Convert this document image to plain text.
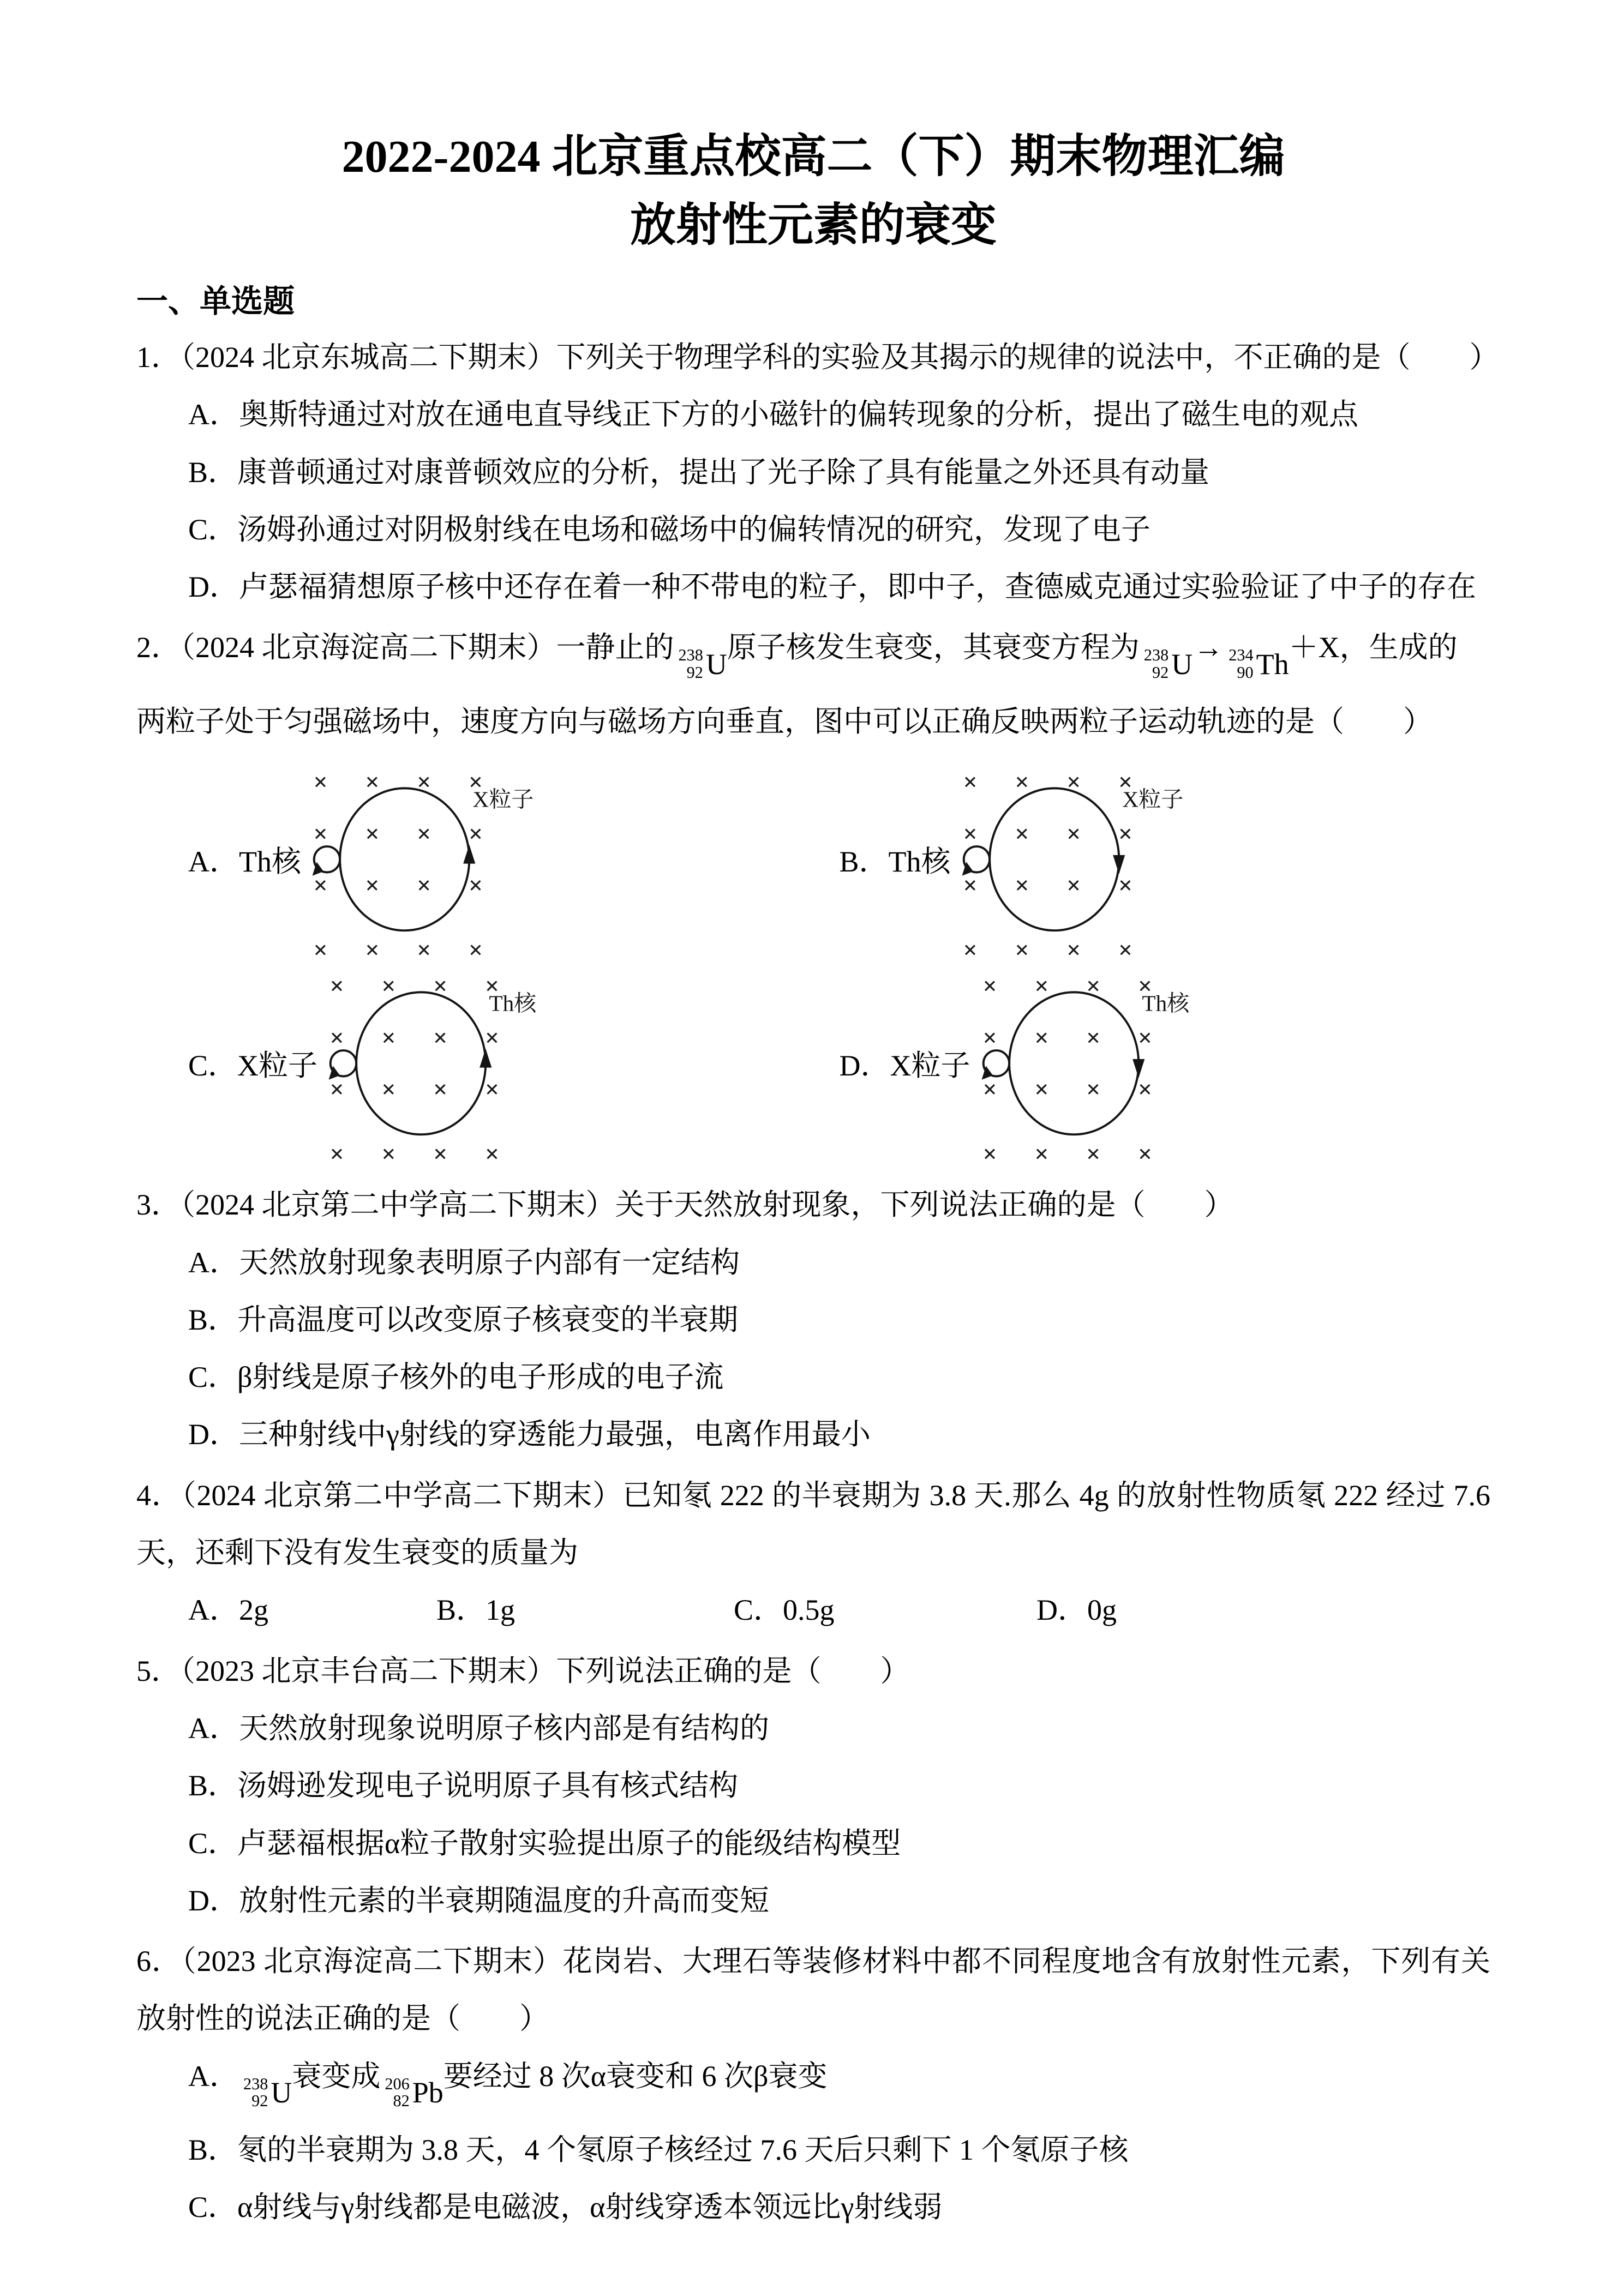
2022-2024 北京重点校高二（下）期末物理汇编
放射性元素的衰变
一、单选题

1．（2024 北京东城高二下期末）下列关于物理学科的实验及其揭示的规律的说法中，不正确的是（　　）

A．奥斯特通过对放在通电直导线正下方的小磁针的偏转现象的分析，提出了磁生电的观点

B．康普顿通过对康普顿效应的分析，提出了光子除了具有能量之外还具有动量

C．汤姆孙通过对阴极射线在电场和磁场中的偏转情况的研究，发现了电子

D．卢瑟福猜想原子核中还存在着一种不带电的粒子，即中子，查德威克通过实验验证了中子的存在

2．（2024 北京海淀高二下期末）一静止的 238
92 U
原子核发生衰变，其衰变方程为 238
92 U
→ 234
90 Th
＋X，生成的

两粒子处于匀强磁场中，速度方向与磁场方向垂直，图中可以正确反映两粒子运动轨迹的是（　　）

A．Th核
× × × ×
× × × ×
× × × ×
× × × ×
X粒子
B．Th核
× × × ×
× × × ×
× × × ×
× × × ×
X粒子
C．X粒子
× × × ×
× × × ×
× × × ×
× × × ×
Th核
D．X粒子
× × × ×
× × × ×
× × × ×
× × × ×
Th核

3．（2024 北京第二中学高二下期末）关于天然放射现象，下列说法正确的是（　　）

A．天然放射现象表明原子内部有一定结构

B．升高温度可以改变原子核衰变的半衰期

C．β射线是原子核外的电子形成的电子流

D．三种射线中γ射线的穿透能力最强，电离作用最小

4．（2024 北京第二中学高二下期末）已知氡 222 的半衰期为 3.8 天.那么 4g 的放射性物质氡 222 经过 7.6 天，还剩下没有发生衰变的质量为

A．2g	B．1g	C．0.5g	D．0g

5．（2023 北京丰台高二下期末）下列说法正确的是（　　）

A．天然放射现象说明原子核内部是有结构的

B．汤姆逊发现电子说明原子具有核式结构

C．卢瑟福根据α粒子散射实验提出原子的能级结构模型

D．放射性元素的半衰期随温度的升高而变短

6．（2023 北京海淀高二下期末）花岗岩、大理石等装修材料中都不同程度地含有放射性元素，下列有关放射性的说法正确的是（　　）

A． 238
92 U
衰变成 206
82 Pb
要经过 8 次α衰变和 6 次β衰变

B．氡的半衰期为 3.8 天，4 个氡原子核经过 7.6 天后只剩下 1 个氡原子核

C．α射线与γ射线都是电磁波，α射线穿透本领远比γ射线弱
